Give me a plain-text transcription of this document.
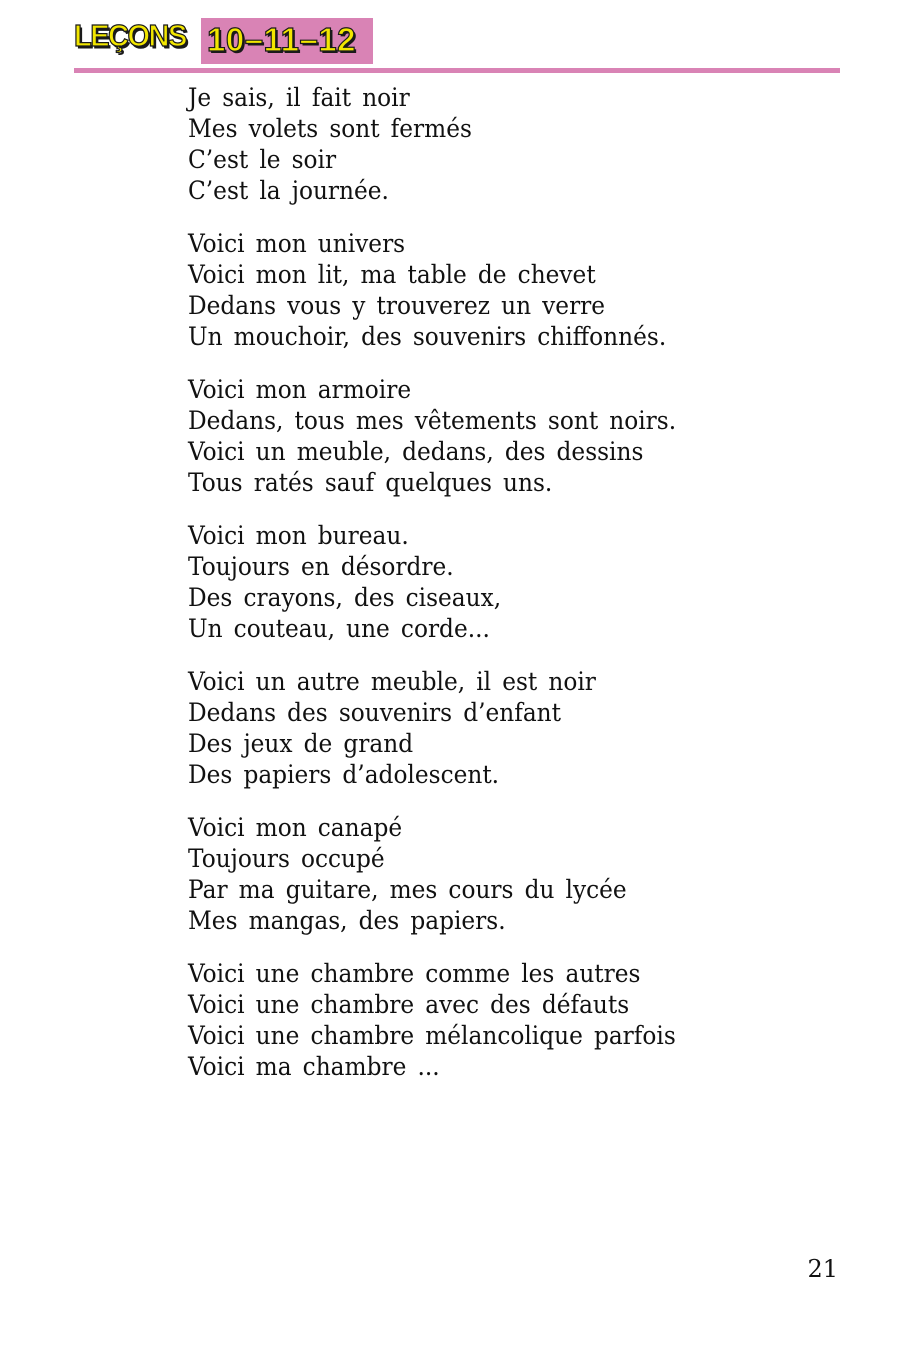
LEÇONS 10–11–12
Je sais, il fait noir
Mes volets sont fermés
C’est le soir
C’est la journée.
Voici mon univers
Voici mon lit, ma table de chevet
Dedans vous y trouverez un verre
Un mouchoir, des souvenirs chiffonnés.
Voici mon armoire
Dedans, tous mes vêtements sont noirs.
Voici un meuble, dedans, des dessins
Tous ratés sauf quelques uns.
Voici mon bureau.
Toujours en désordre.
Des crayons, des ciseaux,
Un couteau, une corde...
Voici un autre meuble, il est noir
Dedans des souvenirs d’enfant
Des jeux de grand
Des papiers d’adolescent.
Voici mon canapé
Toujours occupé
Par ma guitare, mes cours du lycée
Mes mangas, des papiers.
Voici une chambre comme les autres
Voici une chambre avec des défauts
Voici une chambre mélancolique parfois
Voici ma chambre ...
21
